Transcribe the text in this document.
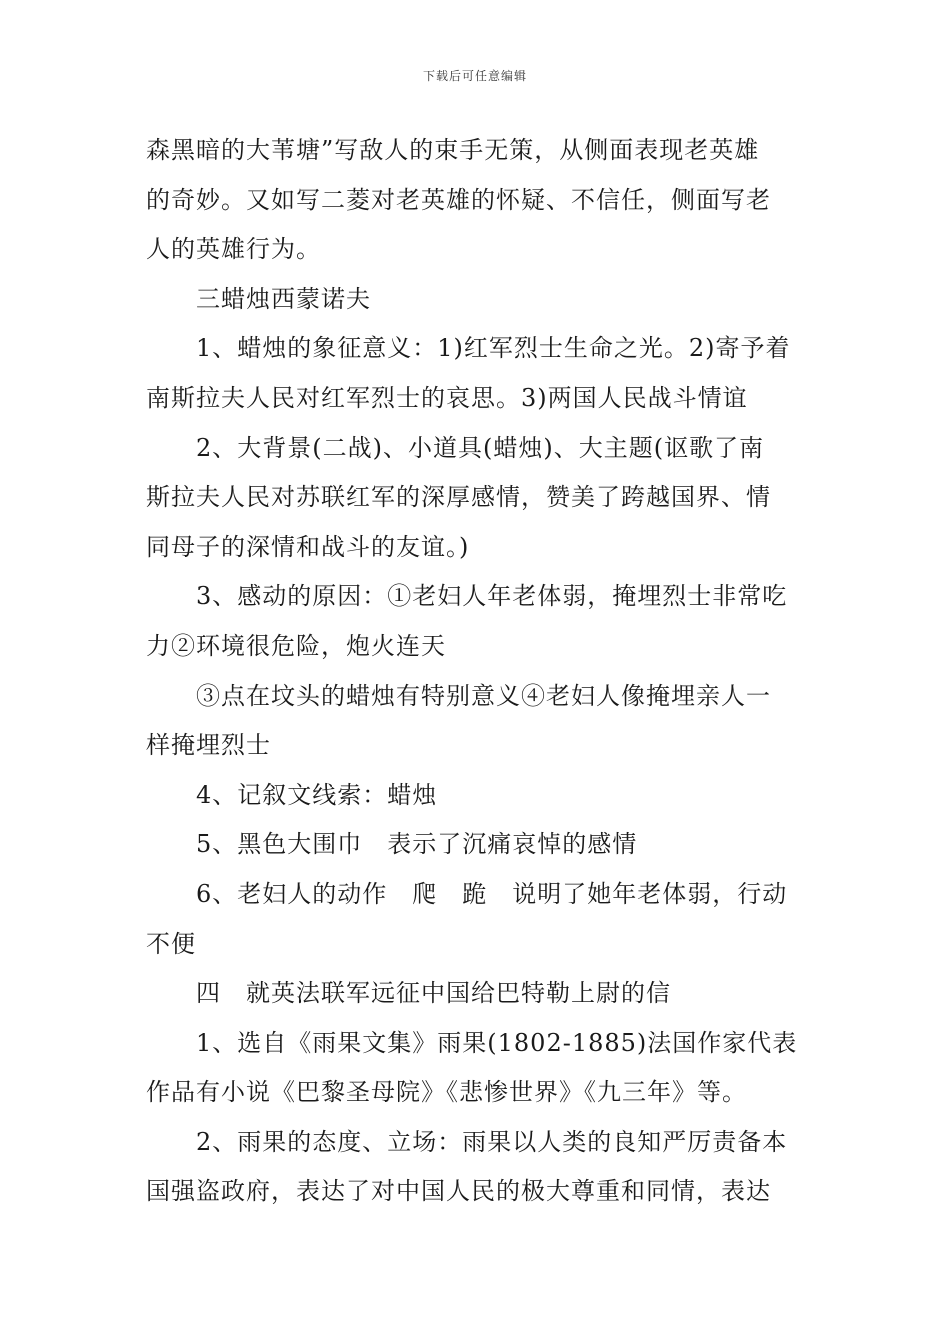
下载后可任意编辑
森黑暗的大苇塘”写敌人的束手无策，从侧面表现老英雄
的奇妙。又如写二菱对老英雄的怀疑、不信任，侧面写老
人的英雄行为。
三蜡烛西蒙诺夫
1、蜡烛的象征意义：1)红军烈士生命之光。2)寄予着
南斯拉夫人民对红军烈士的哀思。3)两国人民战斗情谊
2、大背景(二战)、小道具(蜡烛)、大主题(讴歌了南
斯拉夫人民对苏联红军的深厚感情，赞美了跨越国界、情
同母子的深情和战斗的友谊。)
3、感动的原因：①老妇人年老体弱，掩埋烈士非常吃
力②环境很危险，炮火连天
③点在坟头的蜡烛有特别意义④老妇人像掩埋亲人一
样掩埋烈士
4、记叙文线索：蜡烛
5、黑色大围巾　表示了沉痛哀悼的感情
6、老妇人的动作　爬　跪　说明了她年老体弱，行动
不便
四　就英法联军远征中国给巴特勒上尉的信
1、选自《雨果文集》雨果(1802-1885)法国作家代表
作品有小说《巴黎圣母院》《悲惨世界》《九三年》等。
2、雨果的态度、立场：雨果以人类的良知严厉责备本
国强盗政府，表达了对中国人民的极大尊重和同情，表达
